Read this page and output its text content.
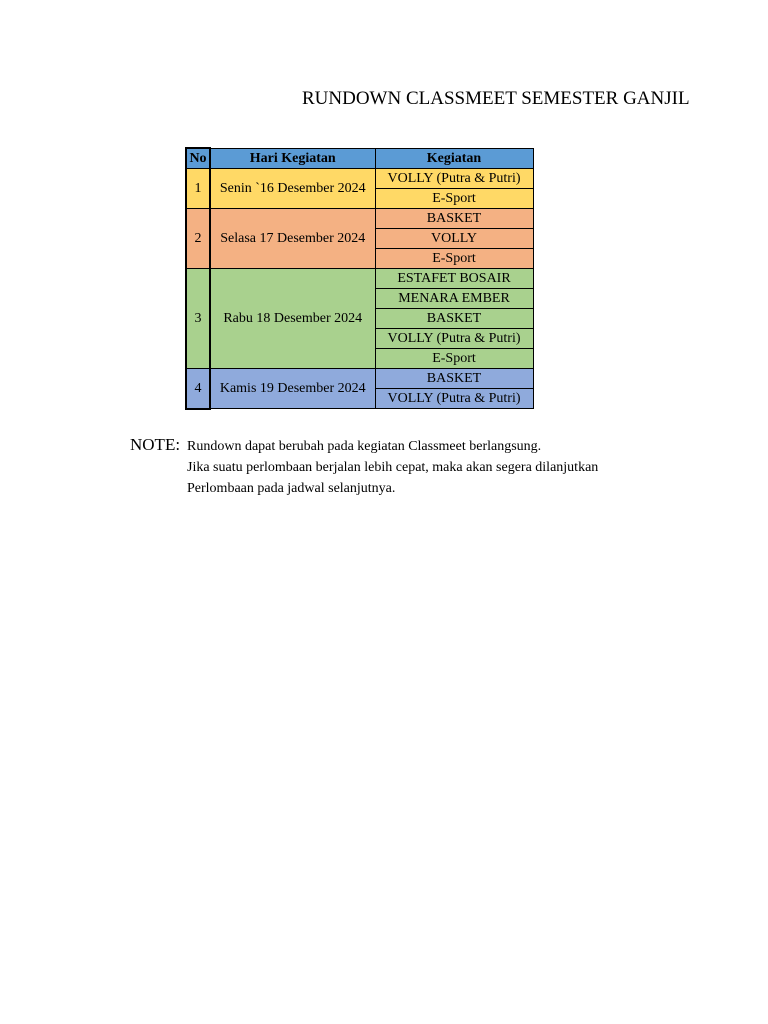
RUNDOWN CLASSMEET SEMESTER GANJIL
No	Hari Kegiatan	Kegiatan
1	Senin `16 Desember 2024	VOLLY (Putra & Putri)
		E-Sport
2	Selasa 17 Desember 2024	BASKET
		VOLLY
		E-Sport
3	Rabu 18 Desember 2024	ESTAFET BOSAIR
		MENARA EMBER
		BASKET
		VOLLY (Putra & Putri)
		E-Sport
4	Kamis 19 Desember 2024	BASKET
		VOLLY (Putra & Putri)
NOTE: Rundown dapat berubah pada kegiatan Classmeet berlangsung.
Jika suatu perlombaan berjalan lebih cepat, maka akan segera dilanjutkan
Perlombaan pada jadwal selanjutnya.
